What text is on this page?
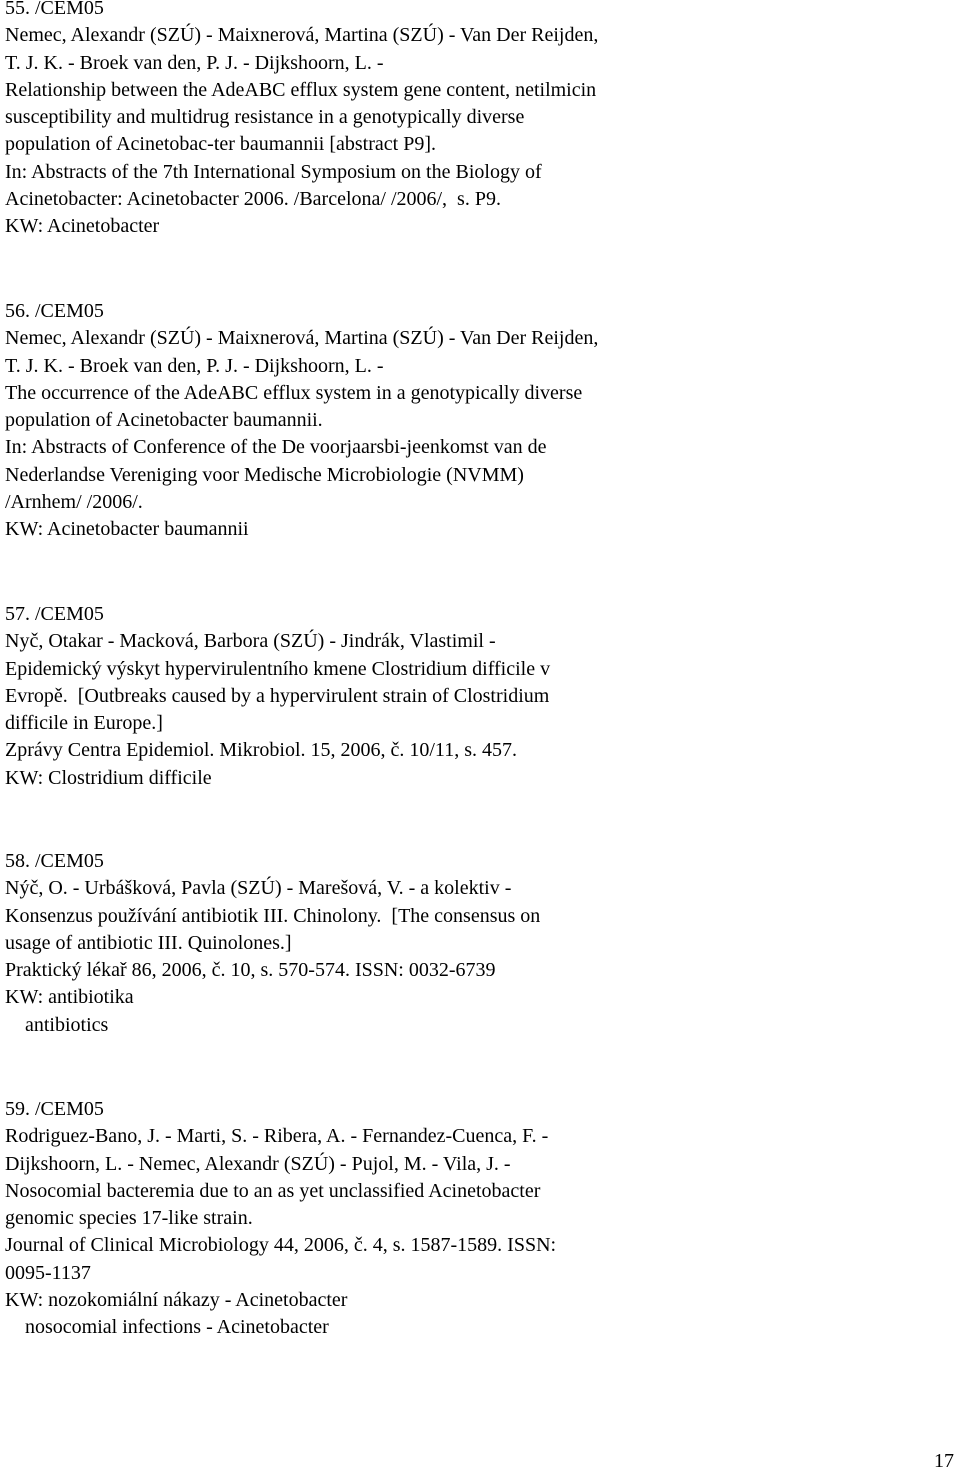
55. /CEM05
Nemec, Alexandr (SZÚ) - Maixnerová, Martina (SZÚ) - Van Der Reijden,
T. J. K. - Broek van den, P. J. - Dijkshoorn, L. -
Relationship between the AdeABC efflux system gene content, netilmicin
susceptibility and multidrug resistance in a genotypically diverse
population of Acinetobac-ter baumannii [abstract P9].
In: Abstracts of the 7th International Symposium on the Biology of
Acinetobacter: Acinetobacter 2006. /Barcelona/ /2006/,  s. P9.
KW: Acinetobacter
56. /CEM05
Nemec, Alexandr (SZÚ) - Maixnerová, Martina (SZÚ) - Van Der Reijden,
T. J. K. - Broek van den, P. J. - Dijkshoorn, L. -
The occurrence of the AdeABC efflux system in a genotypically diverse
population of Acinetobacter baumannii.
In: Abstracts of Conference of the De voorjaarsbi-jeenkomst van de
Nederlandse Vereniging voor Medische Microbiologie (NVMM)
/Arnhem/ /2006/.
KW: Acinetobacter baumannii
57. /CEM05
Nyč, Otakar - Macková, Barbora (SZÚ) - Jindrák, Vlastimil -
Epidemický výskyt hypervirulentního kmene Clostridium difficile v
Evropě.  [Outbreaks caused by a hypervirulent strain of Clostridium
difficile in Europe.]
Zprávy Centra Epidemiol. Mikrobiol. 15, 2006, č. 10/11, s. 457.
KW: Clostridium difficile
58. /CEM05
Nýč, O. - Urbášková, Pavla (SZÚ) - Marešová, V. - a kolektiv -
Konsenzus používání antibiotik III. Chinolony.  [The consensus on
usage of antibiotic III. Quinolones.]
Praktický lékař 86, 2006, č. 10, s. 570-574. ISSN: 0032-6739
KW: antibiotika
antibiotics
59. /CEM05
Rodriguez-Bano, J. - Marti, S. - Ribera, A. - Fernandez-Cuenca, F. -
Dijkshoorn, L. - Nemec, Alexandr (SZÚ) - Pujol, M. - Vila, J. -
Nosocomial bacteremia due to an as yet unclassified Acinetobacter
genomic species 17-like strain.
Journal of Clinical Microbiology 44, 2006, č. 4, s. 1587-1589. ISSN:
0095-1137
KW: nozokomiální nákazy - Acinetobacter
nosocomial infections - Acinetobacter
17
